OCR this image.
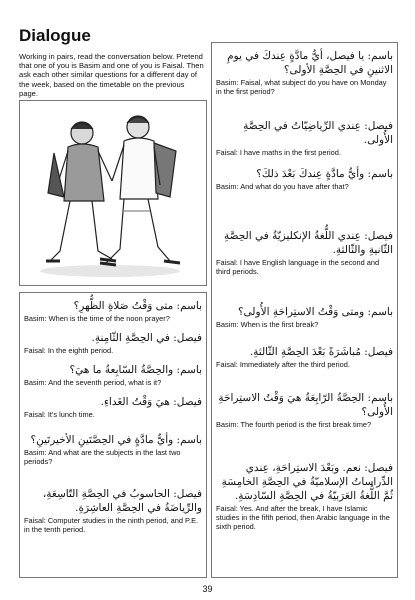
Dialogue
Working in pairs, read the conversation below. Pretend that one of you is Basim and one of you is Faisal. Then ask each other similar questions for a different day of the week, based on the timetable on the previous page.
باسم: متى وَقْتُ صَلاةِ الظُّهرِ؟
Basim: When is the time of the noon prayer?
فيصل: في الحِصَّةِ الثّامِنةِ.
Faisal: In the eighth period.
باسم: والحِصَّةُ السّابِعةُ ما هيَ؟
Basim: And the seventh period, what is it?
فيصل: هيَ وَقْتُ الغَداءِ.
Faisal: It's lunch time.
باسم: وأيُّ مادَّةٍ في الحِصَّتَينِ الأخيرتَينِ؟
Basim: And what are the subjects in the last two periods?
فيصل: الحاسوبُ في الحِصَّةِ التّاسِعَةِ، والرِّياضَةُ في الحِصَّةِ العاشِرَةِ.
Faisal: Computer studies in the ninth period, and P.E. in the tenth period.
باسم: يا فيصل، أيُّ مادَّةٍ عِندكَ في يومِ الاثنينِ في الحِصَّةِ الأولى؟
Basim: Faisal, what subject do you have on Monday in the first period?
فيصل: عِندي الرِّياضِيّاتُ في الحِصَّةِ الأُولى.
Faisal: I have maths in the first period.
باسم: وأيُّ مادَّةٍ عِندكَ بَعْدَ ذلكَ؟
Basim: And what do you have after that?
فيصل: عِندي اللُّغةُ الإنكليزيّةُ في الحِصَّةِ الثّانيةِ والثّالثةِ.
Faisal: I have English language in the second and third periods.
باسم: ومتى وَقْتُ الاستِراحَةِ الأُولى؟
Basim: When is the first break?
فيصل: مُباشَرَةً بَعْدَ الحِصَّةِ الثّالثةِ.
Faisal: Immediately after the third period.
باسم: الحِصَّةُ الرّابِعَةُ هيَ وَقْتُ الاستِراحَةِ الأُولى؟
Basim: The fourth period is the first break time?
فيصل: نعم. وبَعْدَ الاستِراحَةِ، عِندي الدِّراساتُ الإسلاميّةُ في الحِصَّةِ الخامِسَةِ ثُمَّ اللُّغةُ العَرَبيّةُ في الحِصَّةِ السّادِسَةِ.
Faisal: Yes. And after the break, I have Islamic studies in the fifth period, then Arabic language in the sixth period.
39
